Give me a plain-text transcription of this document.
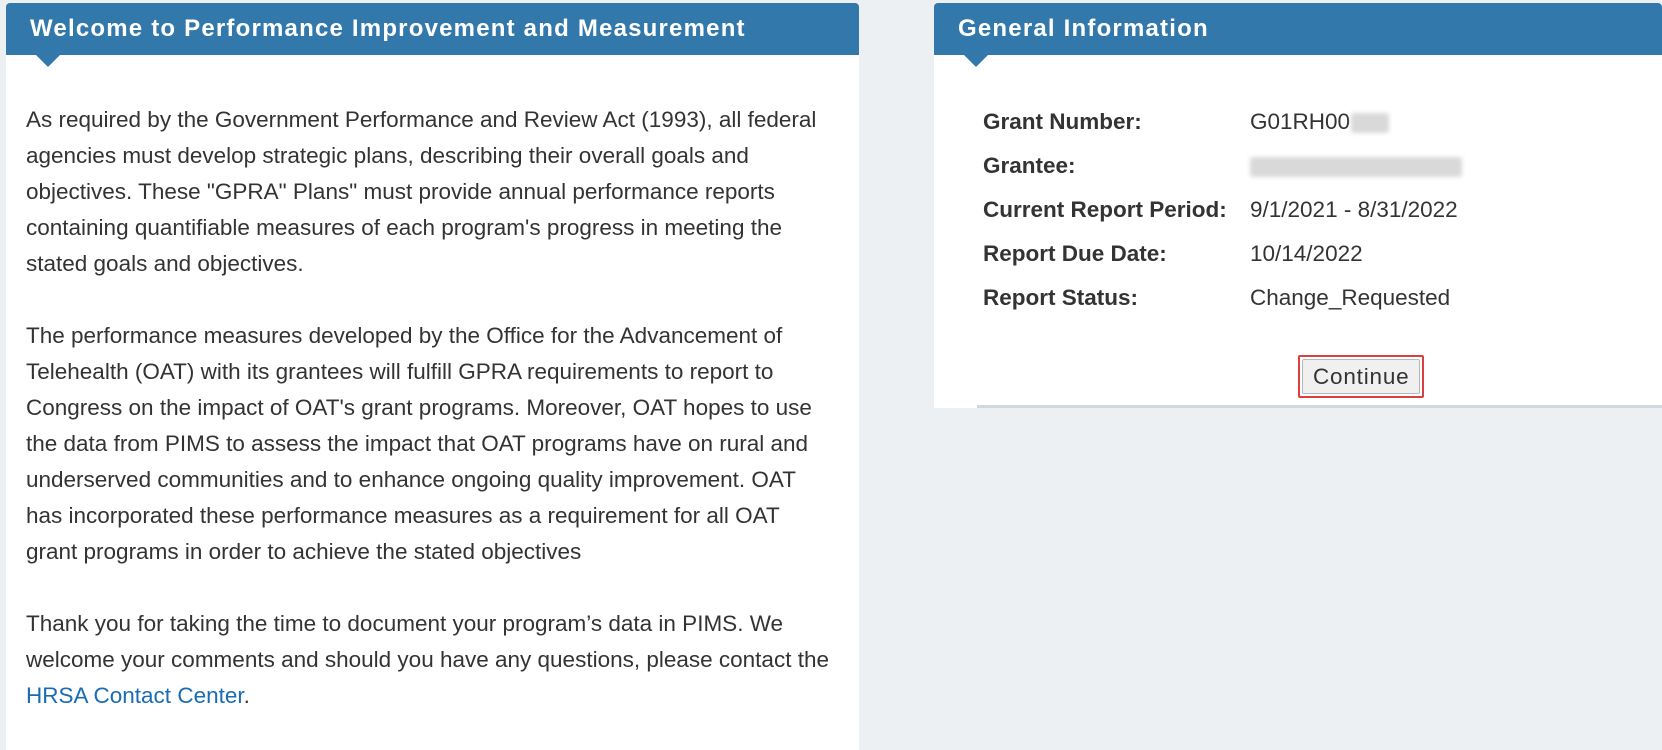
Welcome to Performance Improvement and Measurement

As required by the Government Performance and Review Act (1993), all federal agencies must develop strategic plans, describing their overall goals and objectives. These "GPRA" Plans" must provide annual performance reports containing quantifiable measures of each program's progress in meeting the stated goals and objectives.

The performance measures developed by the Office for the Advancement of Telehealth (OAT) with its grantees will fulfill GPRA requirements to report to Congress on the impact of OAT's grant programs. Moreover, OAT hopes to use the data from PIMS to assess the impact that OAT programs have on rural and underserved communities and to enhance ongoing quality improvement. OAT has incorporated these performance measures as a requirement for all OAT grant programs in order to achieve the stated objectives

Thank you for taking the time to document your program’s data in PIMS. We welcome your comments and should you have any questions, please contact the HRSA Contact Center.

General Information
Grant Number:	G01RH00
Grantee:
Current Report Period:	9/1/2021 - 8/31/2022
Report Due Date:	10/14/2022
Report Status:	Change_Requested
Continue
